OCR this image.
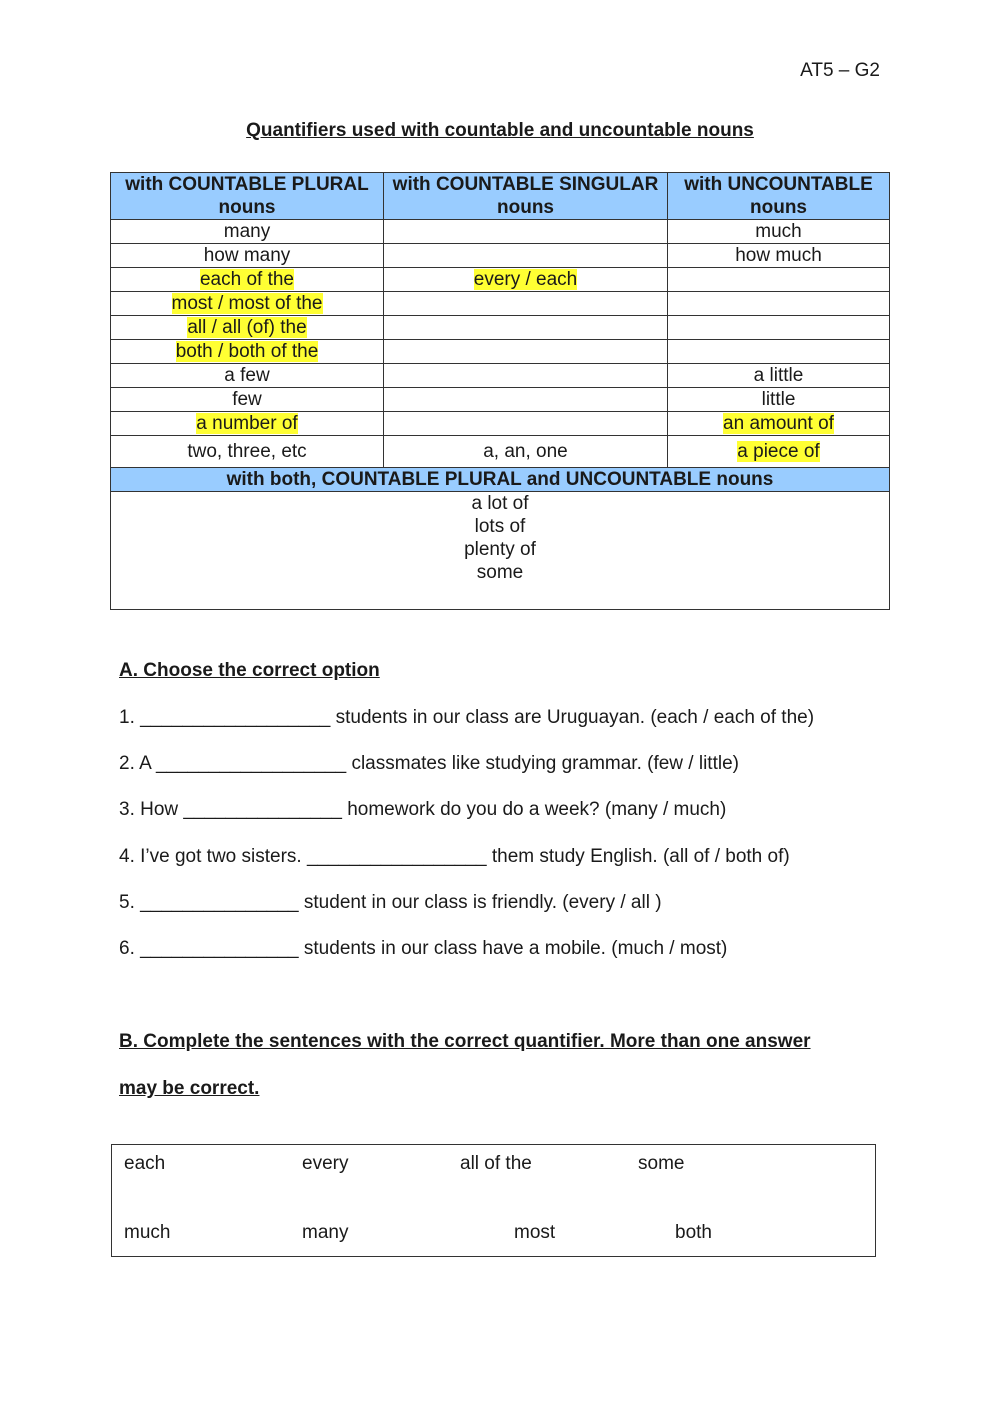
AT5 – G2
Quantifiers used with countable and uncountable nouns
with COUNTABLE PLURAL nouns	with COUNTABLE SINGULAR nouns	with UNCOUNTABLE nouns
many		much
how many		how much
each of the	every / each	
most / most of the		
all / all (of) the		
both / both of the		
a few		a little
few		little
a number of		an amount of
two, three, etc	a, an, one	a piece of
with both, COUNTABLE PLURAL and UNCOUNTABLE nouns		

a lot of
lots of
plenty of
some		
A. Choose the correct option
1. __________________ students in our class are Uruguayan. (each / each of the)
2. A __________________ classmates like studying grammar. (few / little)
3. How _______________ homework do you do a week? (many / much)
4. I’ve got two sisters. _________________ them study English. (all of / both of)
5. _______________ student in our class is friendly. (every / all )
6. _______________ students in our class have a mobile. (much / most)
B. Complete the sentences with the correct quantifier. More than one answer
may be correct.
each	every	all of the	some
much	many	most	both
